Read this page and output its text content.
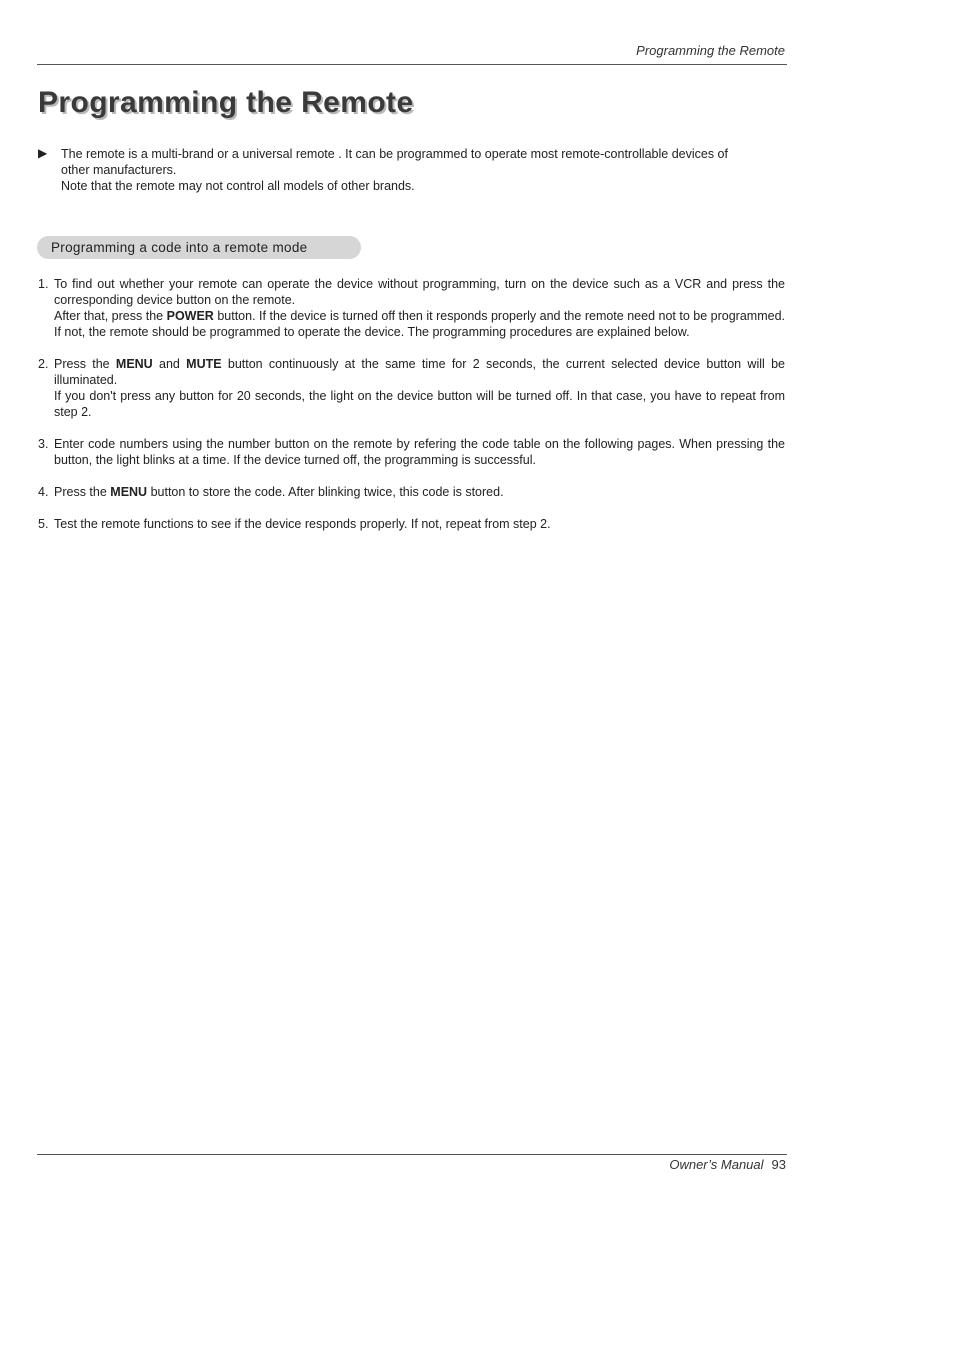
Programming the Remote
Programming the Remote
▶ The remote is a multi-brand or a universal remote . It can be programmed to operate most remote-controllable devices of
other manufacturers.
Note that the remote may not control all models of other brands.
Programming a code into a remote mode
1. To find out whether your remote can operate the device without programming, turn on the device such as a VCR and press the corresponding device button on the remote.

After that, press the POWER button. If the device is turned off then it responds properly and the remote need not to be programmed. If not, the remote should be programmed to operate the device. The programming procedures are explained below.

2. Press the MENU and MUTE button continuously at the same time for 2 seconds, the current selected device button will be illuminated.

If you don't press any button for 20 seconds, the light on the device button will be turned off. In that case, you have to repeat from step 2.

3. Enter code numbers using the number button on the remote by refering the code table on the following pages. When pressing the button, the light blinks at a time. If the device turned off, the programming is successful.

4. Press the MENU button to store the code. After blinking twice, this code is stored.

5. Test the remote functions to see if the device responds properly. If not, repeat from step 2.

Owner’s Manual 93
